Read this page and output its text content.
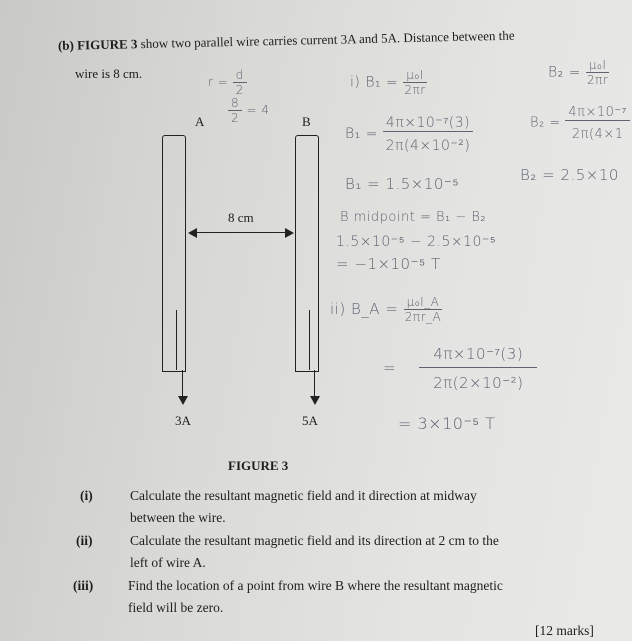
(b) FIGURE 3 show two parallel wire carries current 3A and 5A. Distance between the
wire is 8 cm.
A	B
8 cm
3A	5A
FIGURE 3
(i)	Calculate the resultant magnetic field and it direction at midway
between the wire.
(ii)	Calculate the resultant magnetic field and its direction at 2 cm to the
left of wire A.
(iii)	Find the location of a point from wire B where the resultant magnetic
field will be zero.
[12 marks]
$r = \frac{d}{2}$
$\frac{8}{2} = 4$
i) $B_1 = \frac{\text{μ₀I}}{2\pi r}$	$B_2 = \frac{\text{μ₀I}}{2\pi r}$
$B_1 = \frac{\text{4π×10⁻⁷(3)}}{\text{2π(4×10⁻²)}}$	$B_2 = \frac{\text{4π×10⁻⁷}}{2\pi(4\times 1}$
B₁ = 1.5×10⁻⁵	B₂ = 2.5×10
B midpoint = B₁ − B₂
1.5×10⁻⁵ − 2.5×10⁻⁵
= −1×10⁻⁵ T
ii) B_A = $\frac{\text{μ₀I\_A}}{2\pi r\_A}$
= $\frac{\text{4π×10⁻⁷(3)}}{\text{2π(2×10⁻²)}}$
= 3×10⁻⁵ T
